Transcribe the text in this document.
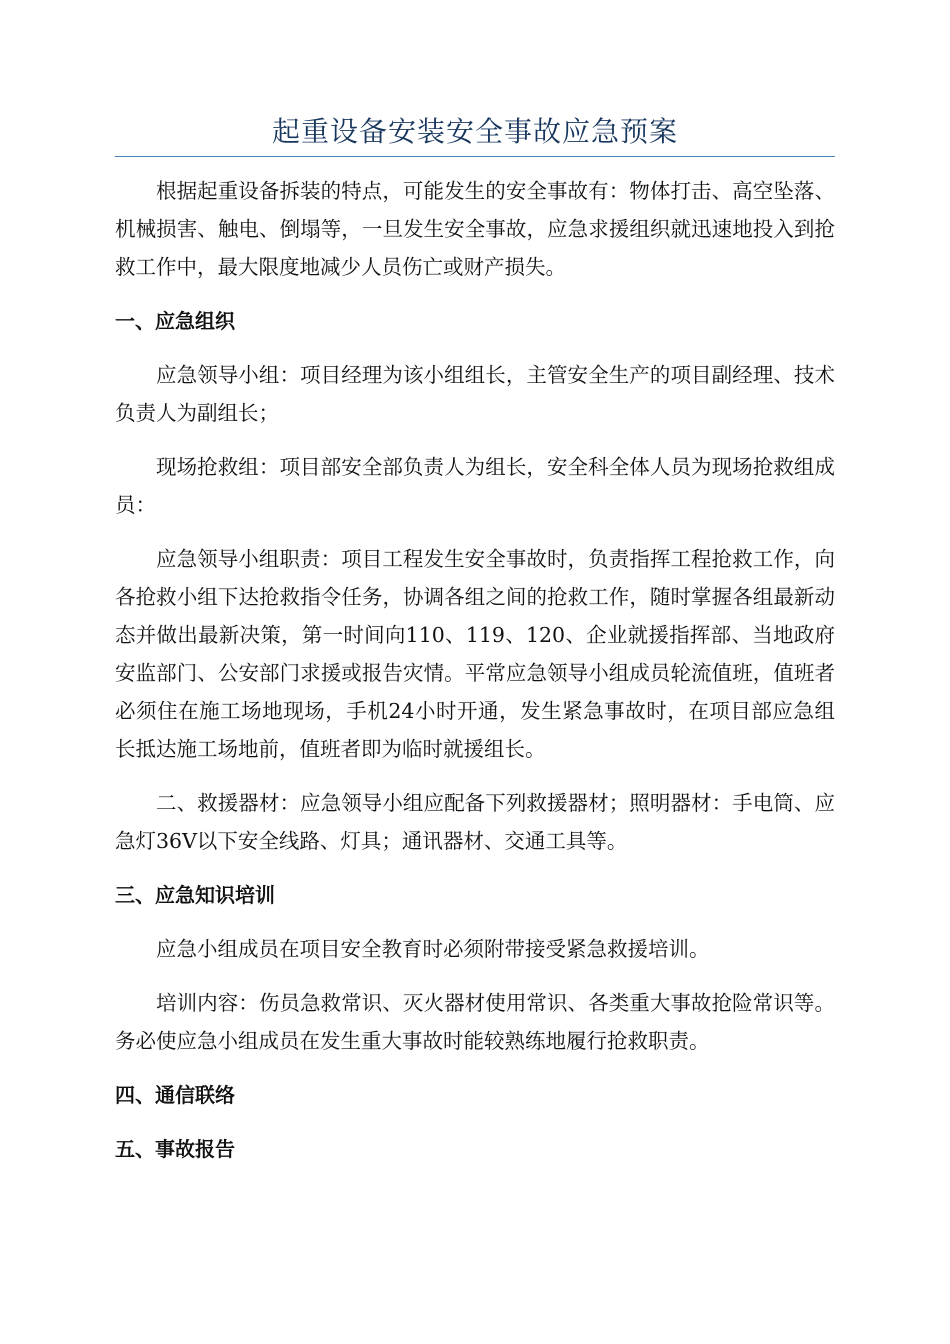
起重设备安装安全事故应急预案

根据起重设备拆装的特点，可能发生的安全事故有：物体打击、高空坠落、机械损害、触电、倒塌等，一旦发生安全事故，应急求援组织就迅速地投入到抢救工作中，最大限度地减少人员伤亡或财产损失。

一、应急组织

应急领导小组：项目经理为该小组组长，主管安全生产的项目副经理、技术负责人为副组长；

现场抢救组：项目部安全部负责人为组长，安全科全体人员为现场抢救组成员：

应急领导小组职责：项目工程发生安全事故时，负责指挥工程抢救工作，向各抢救小组下达抢救指令任务，协调各组之间的抢救工作，随时掌握各组最新动态并做出最新决策，第一时间向110、119、120、企业就援指挥部、当地政府安监部门、公安部门求援或报告灾情。平常应急领导小组成员轮流值班，值班者必须住在施工场地现场，手机24小时开通，发生紧急事故时，在项目部应急组长抵达施工场地前，值班者即为临时就援组长。

二、救援器材：应急领导小组应配备下列救援器材；照明器材：手电筒、应急灯36V以下安全线路、灯具；通讯器材、交通工具等。

三、应急知识培训

应急小组成员在项目安全教育时必须附带接受紧急救援培训。

培训内容：伤员急救常识、灭火器材使用常识、各类重大事故抢险常识等。务必使应急小组成员在发生重大事故时能较熟练地履行抢救职责。

四、通信联络
五、事故报告
